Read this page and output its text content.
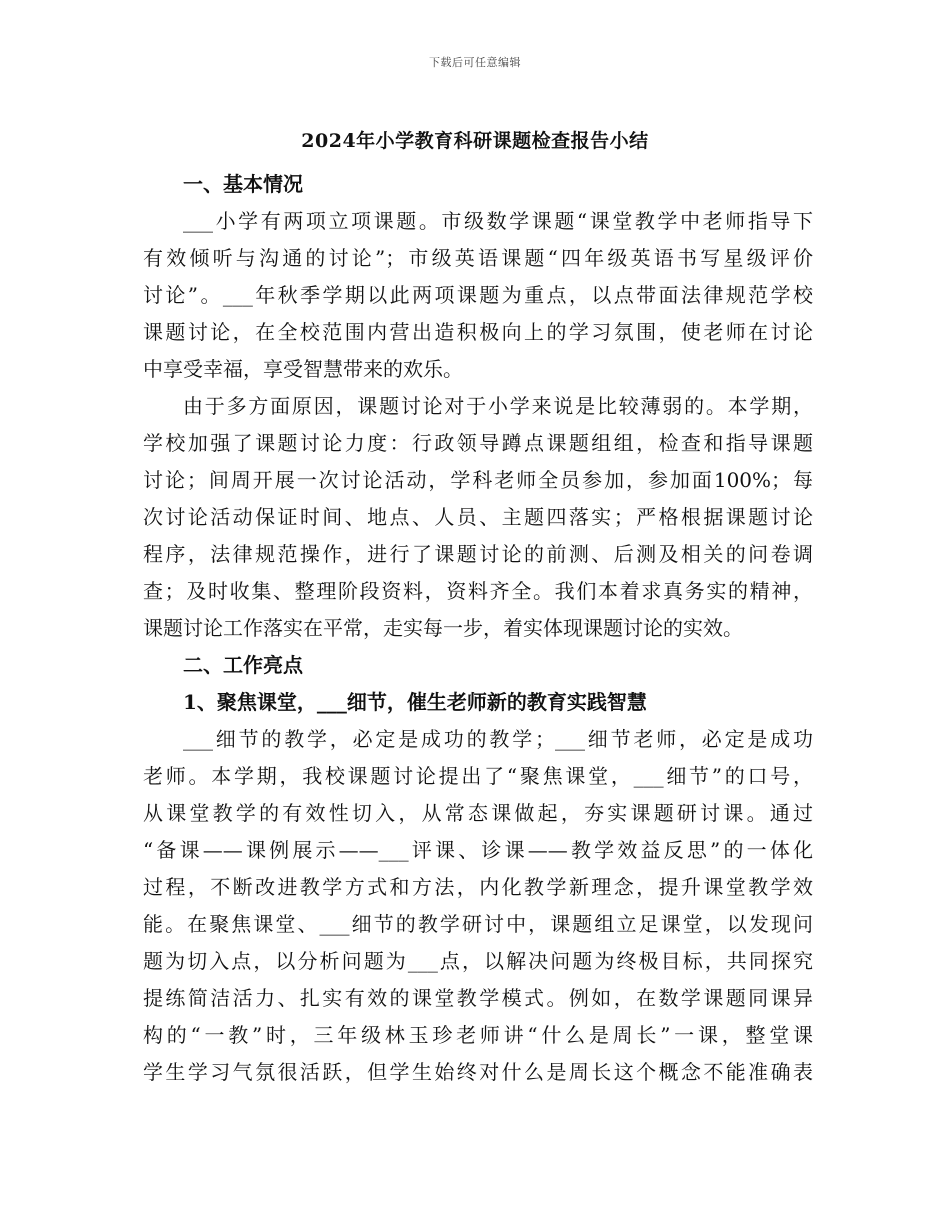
下载后可任意编辑
2024年小学教育科研课题检查报告小结
一、基本情况
___小学有两项立项课题。市级数学课题“课堂教学中老师指导下
有效倾听与沟通的讨论”；市级英语课题“四年级英语书写星级评价
讨论”。___年秋季学期以此两项课题为重点，以点带面法律规范学校
课题讨论，在全校范围内营出造积极向上的学习氛围，使老师在讨论
中享受幸福，享受智慧带来的欢乐。
由于多方面原因，课题讨论对于小学来说是比较薄弱的。本学期，
学校加强了课题讨论力度：行政领导蹲点课题组组，检查和指导课题
讨论；间周开展一次讨论活动，学科老师全员参加，参加面100%；每
次讨论活动保证时间、地点、人员、主题四落实；严格根据课题讨论
程序，法律规范操作，进行了课题讨论的前测、后测及相关的问卷调
查；及时收集、整理阶段资料，资料齐全。我们本着求真务实的精神，
课题讨论工作落实在平常，走实每一步，着实体现课题讨论的实效。
二、工作亮点
1、聚焦课堂，___细节，催生老师新的教育实践智慧
___细节的教学，必定是成功的教学；___细节老师，必定是成功
老师。本学期，我校课题讨论提出了“聚焦课堂，___细节”的口号，
从课堂教学的有效性切入，从常态课做起，夯实课题研讨课。通过
“备课——课例展示——___评课、诊课——教学效益反思”的一体化
过程，不断改进教学方式和方法，内化教学新理念，提升课堂教学效
能。在聚焦课堂、___细节的教学研讨中，课题组立足课堂，以发现问
题为切入点，以分析问题为___点，以解决问题为终极目标，共同探究
提练简洁活力、扎实有效的课堂教学模式。例如，在数学课题同课异
构的“一教”时，三年级林玉珍老师讲“什么是周长”一课，整堂课
学生学习气氛很活跃，但学生始终对什么是周长这个概念不能准确表
